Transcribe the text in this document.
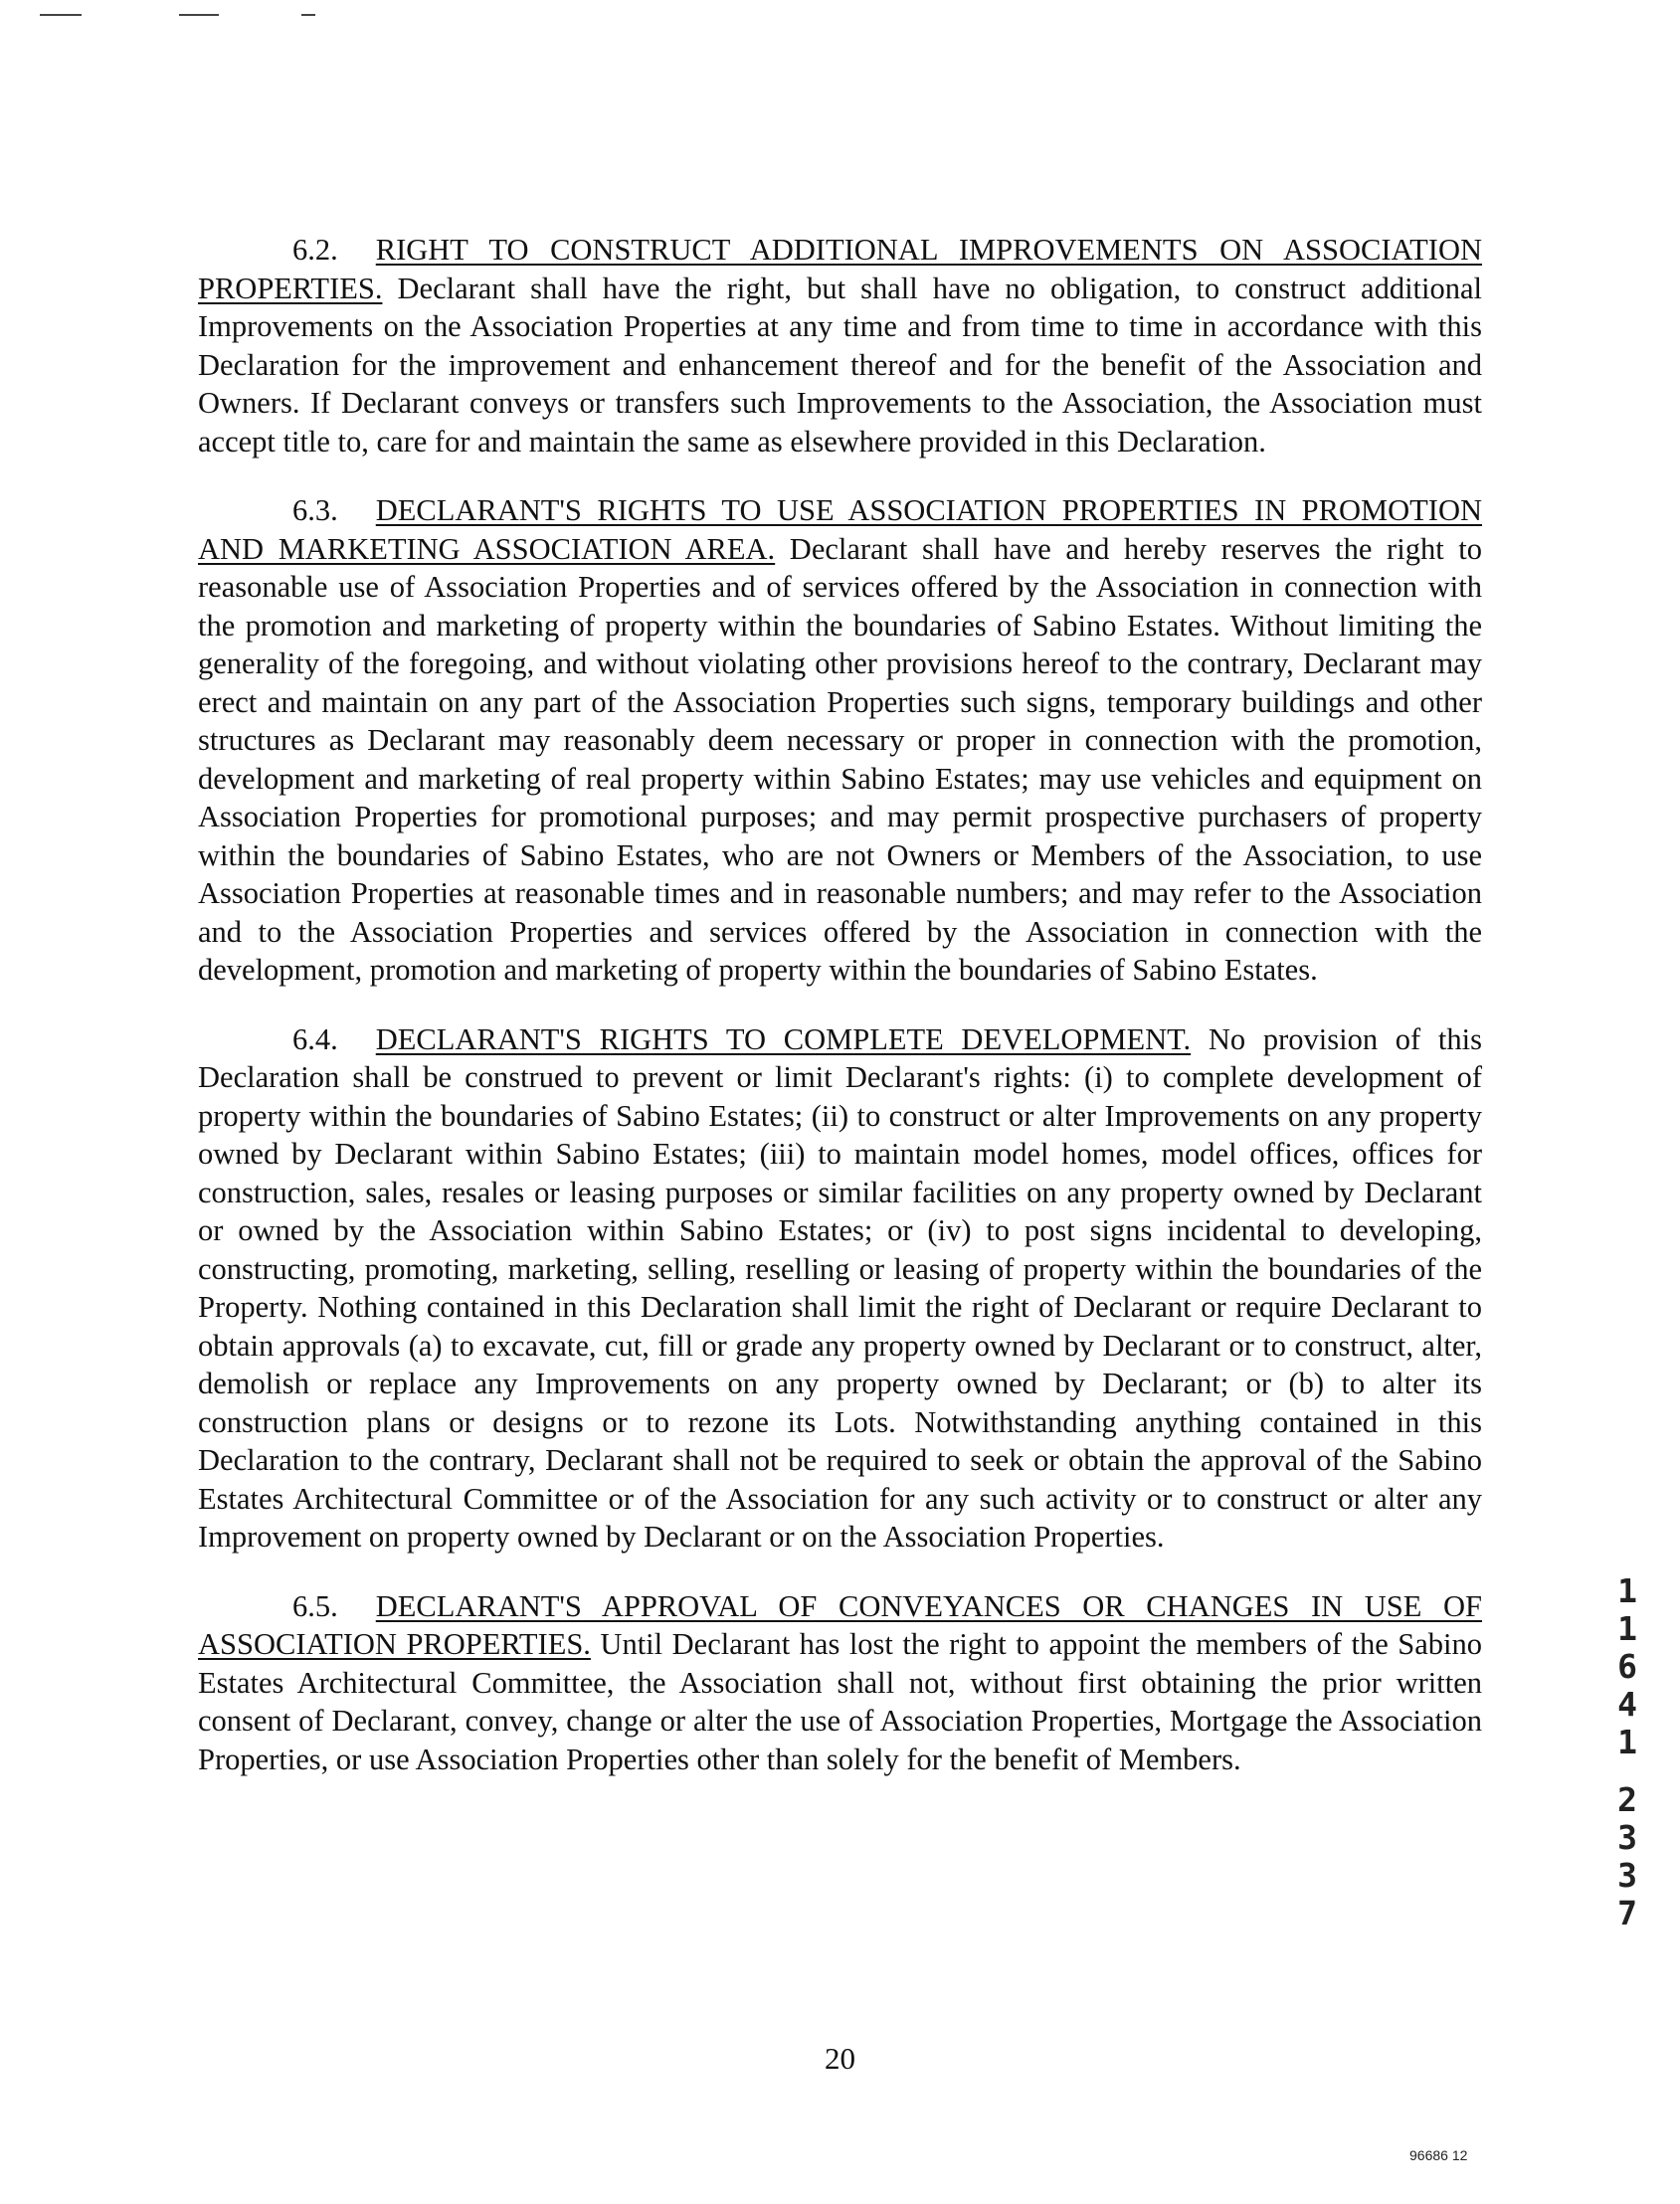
6.2. RIGHT TO CONSTRUCT ADDITIONAL IMPROVEMENTS ON ASSOCIATION PROPERTIES. Declarant shall have the right, but shall have no obligation, to construct additional Improvements on the Association Properties at any time and from time to time in accordance with this Declaration for the improvement and enhancement thereof and for the benefit of the Association and Owners. If Declarant conveys or transfers such Improvements to the Association, the Association must accept title to, care for and maintain the same as elsewhere provided in this Declaration.

6.3. DECLARANT'S RIGHTS TO USE ASSOCIATION PROPERTIES IN PROMOTION AND MARKETING ASSOCIATION AREA. Declarant shall have and hereby reserves the right to reasonable use of Association Properties and of services offered by the Association in connection with the promotion and marketing of property within the boundaries of Sabino Estates. Without limiting the generality of the foregoing, and without violating other provisions hereof to the contrary, Declarant may erect and maintain on any part of the Association Properties such signs, temporary buildings and other structures as Declarant may reasonably deem necessary or proper in connection with the promotion, development and marketing of real property within Sabino Estates; may use vehicles and equipment on Association Properties for promotional purposes; and may permit prospective purchasers of property within the boundaries of Sabino Estates, who are not Owners or Members of the Association, to use Association Properties at reasonable times and in reasonable numbers; and may refer to the Association and to the Association Properties and services offered by the Association in connection with the development, promotion and marketing of property within the boundaries of Sabino Estates.

6.4. DECLARANT'S RIGHTS TO COMPLETE DEVELOPMENT. No provision of this Declaration shall be construed to prevent or limit Declarant's rights: (i) to complete development of property within the boundaries of Sabino Estates; (ii) to construct or alter Improvements on any property owned by Declarant within Sabino Estates; (iii) to maintain model homes, model offices, offices for construction, sales, resales or leasing purposes or similar facilities on any property owned by Declarant or owned by the Association within Sabino Estates; or (iv) to post signs incidental to developing, constructing, promoting, marketing, selling, reselling or leasing of property within the boundaries of the Property. Nothing contained in this Declaration shall limit the right of Declarant or require Declarant to obtain approvals (a) to excavate, cut, fill or grade any property owned by Declarant or to construct, alter, demolish or replace any Improvements on any property owned by Declarant; or (b) to alter its construction plans or designs or to rezone its Lots. Notwithstanding anything contained in this Declaration to the contrary, Declarant shall not be required to seek or obtain the approval of the Sabino Estates Architectural Committee or of the Association for any such activity or to construct or alter any Improvement on property owned by Declarant or on the Association Properties.

6.5. DECLARANT'S APPROVAL OF CONVEYANCES OR CHANGES IN USE OF ASSOCIATION PROPERTIES. Until Declarant has lost the right to appoint the members of the Sabino Estates Architectural Committee, the Association shall not, without first obtaining the prior written consent of Declarant, convey, change or alter the use of Association Properties, Mortgage the Association Properties, or use Association Properties other than solely for the benefit of Members.

1
1
6
4
1
2
3
3
7
20
96686 12
